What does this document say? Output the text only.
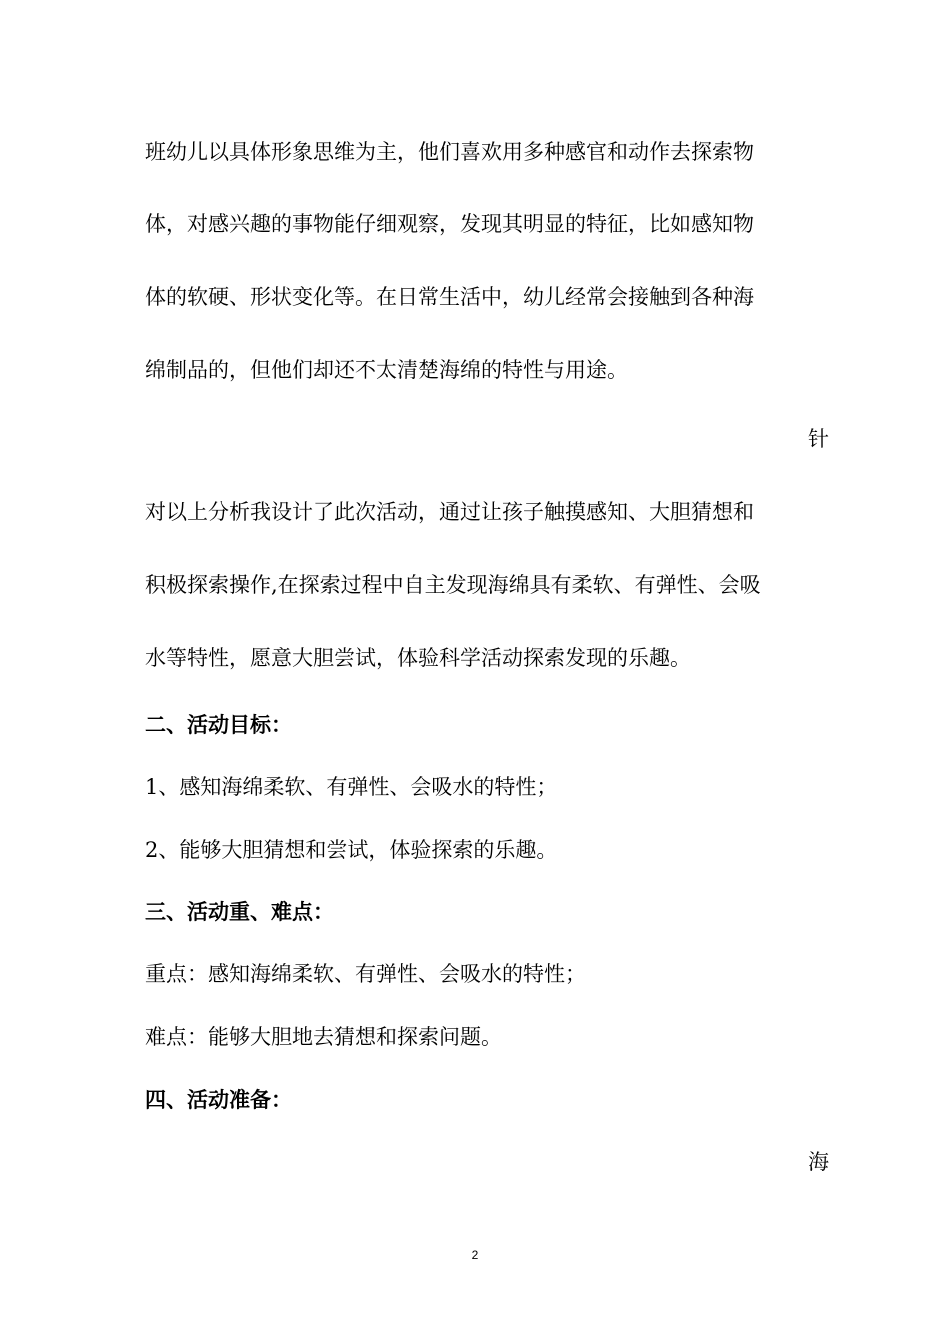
班幼儿以具体形象思维为主，他们喜欢用多种感官和动作去探索物
体，对感兴趣的事物能仔细观察，发现其明显的特征，比如感知物
体的软硬、形状变化等。在日常生活中，幼儿经常会接触到各种海
绵制品的，但他们却还不太清楚海绵的特性与用途。
针
对以上分析我设计了此次活动，通过让孩子触摸感知、大胆猜想和
积极探索操作,在探索过程中自主发现海绵具有柔软、有弹性、会吸
水等特性，愿意大胆尝试，体验科学活动探索发现的乐趣。
二、活动目标：
1、感知海绵柔软、有弹性、会吸水的特性；
2、能够大胆猜想和尝试，体验探索的乐趣。
三、活动重、难点：
重点：感知海绵柔软、有弹性、会吸水的特性；
难点：能够大胆地去猜想和探索问题。
四、活动准备：
海
2
